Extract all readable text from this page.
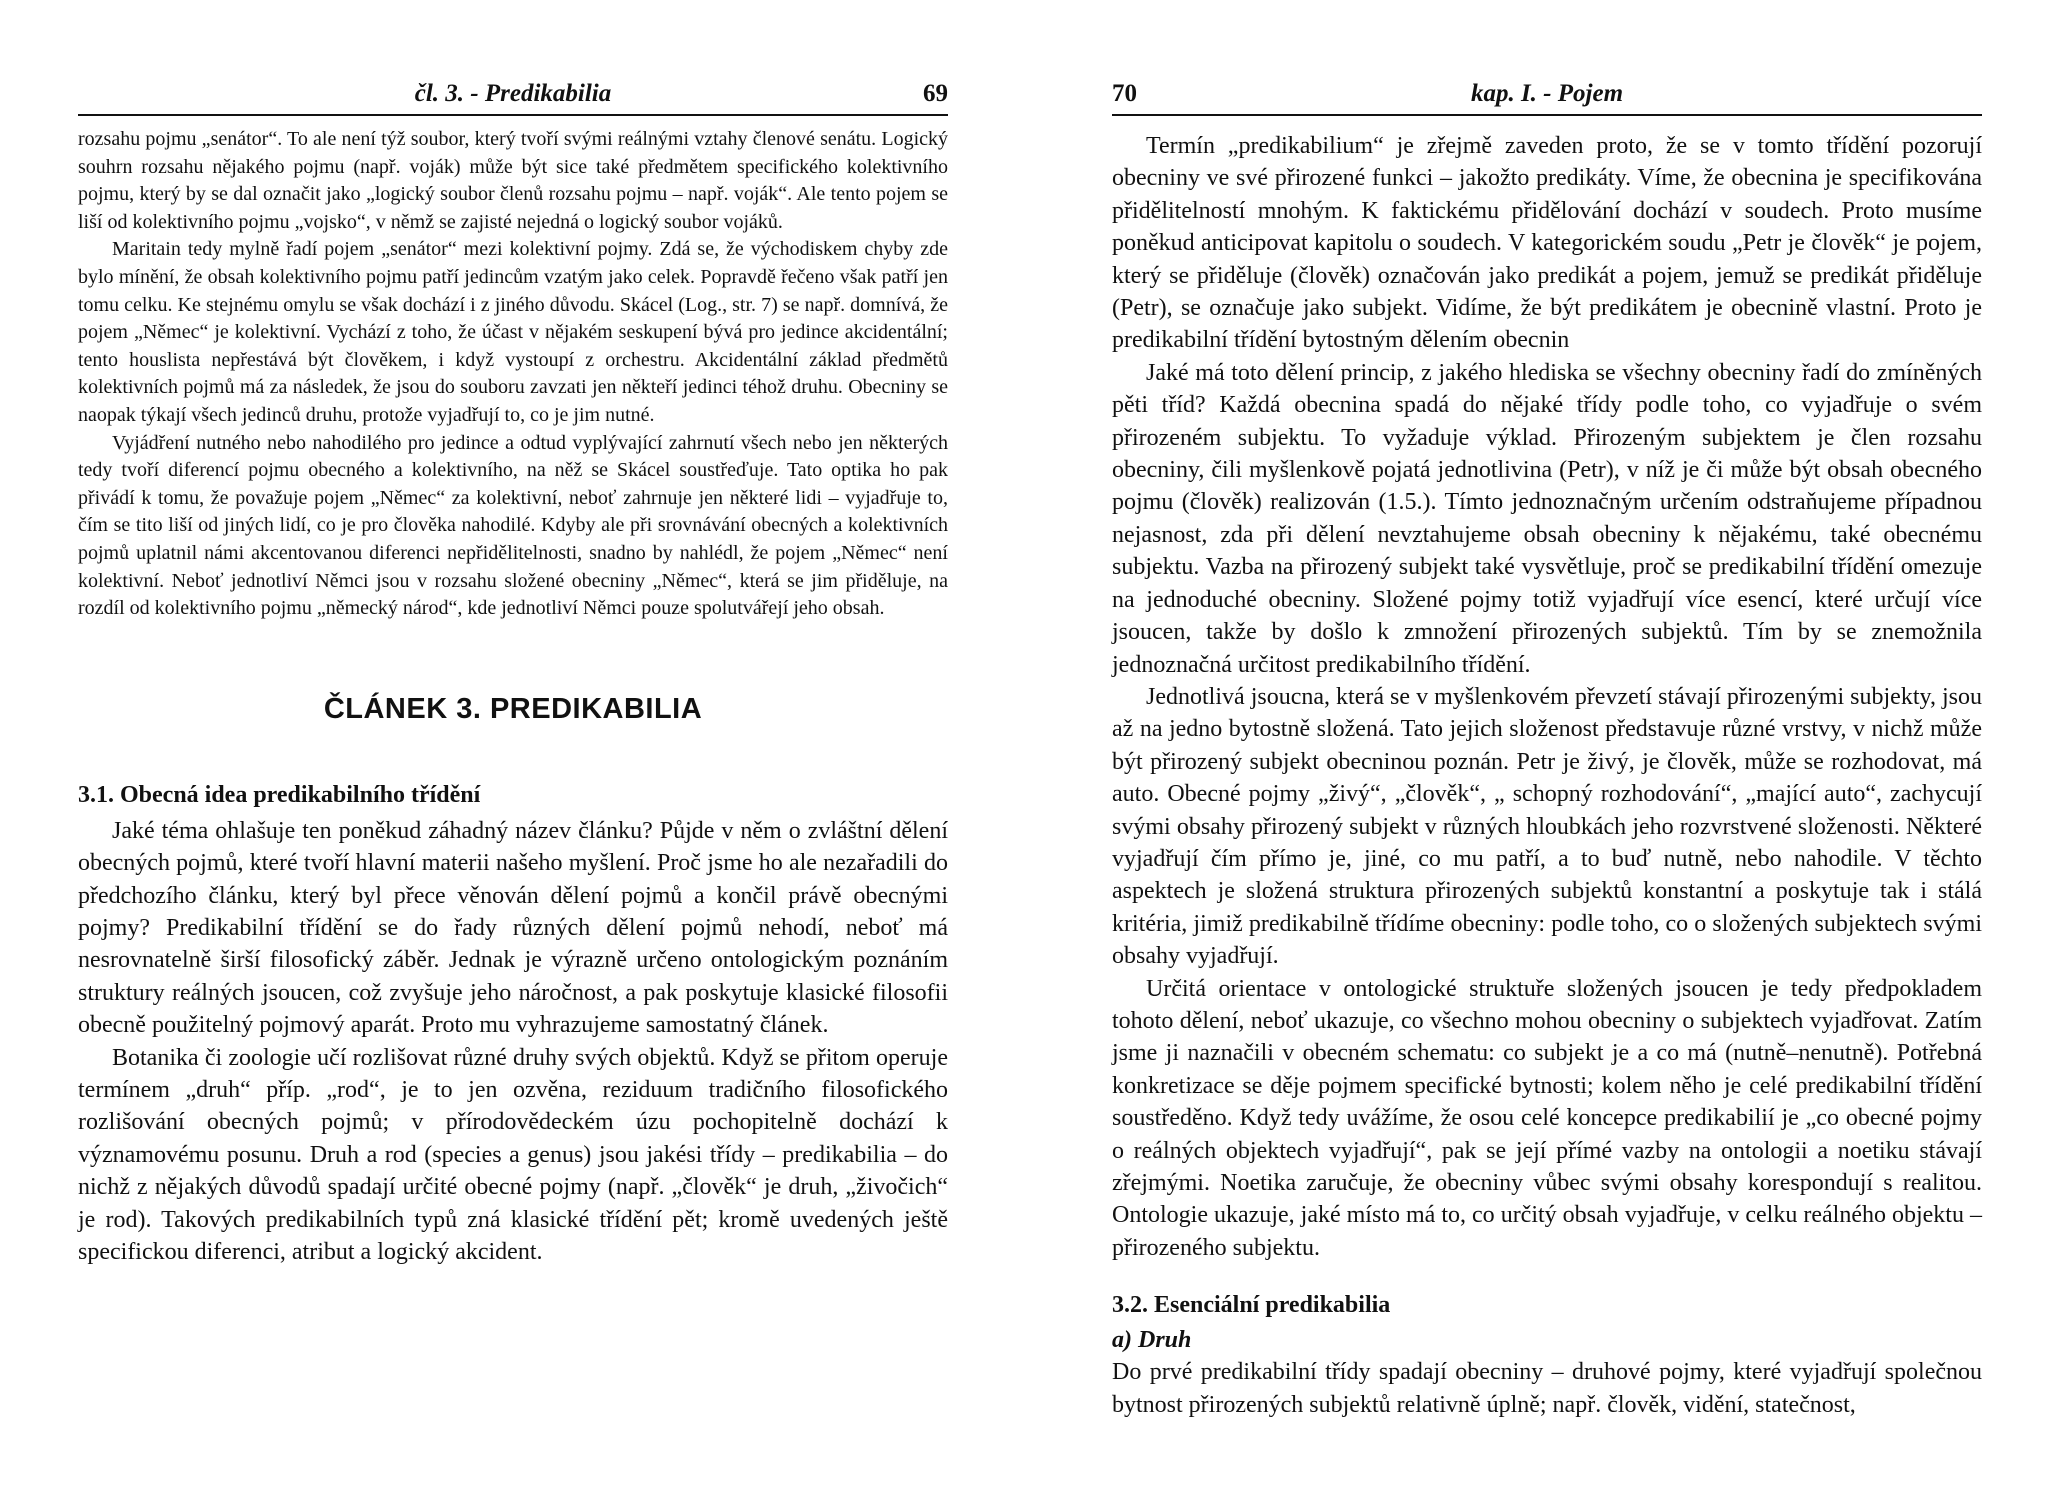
čl. 3. - Predikabilia	69

rozsahu pojmu „senátor“. To ale není týž soubor, který tvoří svými reálnými vztahy členové senátu. Logický souhrn rozsahu nějakého pojmu (např. voják) může být sice také předmětem specifického kolektivního pojmu, který by se dal označit jako „logický soubor členů rozsahu pojmu – např. voják“. Ale tento pojem se liší od kolektivního pojmu „vojsko“, v němž se zajisté nejedná o logický soubor vojáků.

Maritain tedy mylně řadí pojem „senátor“ mezi kolektivní pojmy. Zdá se, že východiskem chyby zde bylo mínění, že obsah kolektivního pojmu patří jedincům vzatým jako celek. Popravdě řečeno však patří jen tomu celku. Ke stejnému omylu se však dochází i z jiného důvodu. Skácel (Log., str. 7) se např. domnívá, že pojem „Němec“ je kolektivní. Vychází z toho, že účast v nějakém seskupení bývá pro jedince akcidentální; tento houslista nepřestává být člověkem, i když vystoupí z orchestru. Akcidentální základ předmětů kolektivních pojmů má za následek, že jsou do souboru zavzati jen někteří jedinci téhož druhu. Obecniny se naopak týkají všech jedinců druhu, protože vyjadřují to, co je jim nutné.

Vyjádření nutného nebo nahodilého pro jedince a odtud vyplývající zahrnutí všech nebo jen některých tedy tvoří diferencí pojmu obecného a kolektivního, na něž se Skácel soustřeďuje. Tato optika ho pak přivádí k tomu, že považuje pojem „Němec“ za kolektivní, neboť zahrnuje jen některé lidi – vyjadřuje to, čím se tito liší od jiných lidí, co je pro člověka nahodilé. Kdyby ale při srovnávání obecných a kolektivních pojmů uplatnil námi akcentovanou diferenci nepřidělitelnosti, snadno by nahlédl, že pojem „Němec“ není kolektivní. Neboť jednotliví Němci jsou v rozsahu složené obecniny „Němec“, která se jim přiděluje, na rozdíl od kolektivního pojmu „německý národ“, kde jednotliví Němci pouze spolutvářejí jeho obsah.

ČLÁNEK 3. PREDIKABILIA
3.1. Obecná idea predikabilního třídění

Jaké téma ohlašuje ten poněkud záhadný název článku? Půjde v něm o zvláštní dělení obecných pojmů, které tvoří hlavní materii našeho myšlení. Proč jsme ho ale nezařadili do předchozího článku, který byl přece věnován dělení pojmů a končil právě obecnými pojmy? Predikabilní třídění se do řady různých dělení pojmů nehodí, neboť má nesrovnatelně širší filosofický záběr. Jednak je výrazně určeno ontologickým poznáním struktury reálných jsoucen, což zvyšuje jeho náročnost, a pak poskytuje klasické filosofii obecně použitelný pojmový aparát. Proto mu vyhrazujeme samostatný článek.

Botanika či zoologie učí rozlišovat různé druhy svých objektů. Když se přitom operuje termínem „druh“ příp. „rod“, je to jen ozvěna, reziduum tradičního filosofického rozlišování obecných pojmů; v přírodovědeckém úzu pochopitelně dochází k významovému posunu. Druh a rod (species a genus) jsou jakési třídy – predikabilia – do nichž z nějakých důvodů spadají určité obecné pojmy (např. „člověk“ je druh, „živočich“ je rod). Takových predikabilních typů zná klasické třídění pět; kromě uvedených ještě specifickou diferenci, atribut a logický akcident.

70	kap. I. - Pojem

Termín „predikabilium“ je zřejmě zaveden proto, že se v tomto třídění pozorují obecniny ve své přirozené funkci – jakožto predikáty. Víme, že obecnina je specifikována přidělitelností mnohým. K faktickému přidělování dochází v soudech. Proto musíme poněkud anticipovat kapitolu o soudech. V kategorickém soudu „Petr je člověk“ je pojem, který se přiděluje (člověk) označován jako predikát a pojem, jemuž se predikát přiděluje (Petr), se označuje jako subjekt. Vidíme, že být predikátem je obecnině vlastní. Proto je predikabilní třídění bytostným dělením obecnin

Jaké má toto dělení princip, z jakého hlediska se všechny obecniny řadí do zmíněných pěti tříd? Každá obecnina spadá do nějaké třídy podle toho, co vyjadřuje o svém přirozeném subjektu. To vyžaduje výklad. Přirozeným subjektem je člen rozsahu obecniny, čili myšlenkově pojatá jednotlivina (Petr), v níž je či může být obsah obecného pojmu (člověk) realizován (1.5.). Tímto jednoznačným určením odstraňujeme případnou nejasnost, zda při dělení nevztahujeme obsah obecniny k nějakému, také obecnému subjektu. Vazba na přirozený subjekt také vysvětluje, proč se predikabilní třídění omezuje na jednoduché obecniny. Složené pojmy totiž vyjadřují více esencí, které určují více jsoucen, takže by došlo k zmnožení přirozených subjektů. Tím by se znemožnila jednoznačná určitost predikabilního třídění.

Jednotlivá jsoucna, která se v myšlenkovém převzetí stávají přirozenými subjekty, jsou až na jedno bytostně složená. Tato jejich složenost představuje různé vrstvy, v nichž může být přirozený subjekt obecninou poznán. Petr je živý, je člověk, může se rozhodovat, má auto. Obecné pojmy „živý“, „člověk“, „ schopný rozhodování“, „mající auto“, zachycují svými obsahy přirozený subjekt v různých hloubkách jeho rozvrstvené složenosti. Některé vyjadřují čím přímo je, jiné, co mu patří, a to buď nutně, nebo nahodile. V těchto aspektech je složená struktura přirozených subjektů konstantní a poskytuje tak i stálá kritéria, jimiž predikabilně třídíme obecniny: podle toho, co o složených subjektech svými obsahy vyjadřují.

Určitá orientace v ontologické struktuře složených jsoucen je tedy předpokladem tohoto dělení, neboť ukazuje, co všechno mohou obecniny o subjektech vyjadřovat. Zatím jsme ji naznačili v obecném schematu: co subjekt je a co má (nutně–nenutně). Potřebná konkretizace se děje pojmem specifické bytnosti; kolem něho je celé predikabilní třídění soustředěno. Když tedy uvážíme, že osou celé koncepce predikabilií je „co obecné pojmy o reálných objektech vyjadřují“, pak se její přímé vazby na ontologii a noetiku stávají zřejmými. Noetika zaručuje, že obecniny vůbec svými obsahy korespondují s realitou. Ontologie ukazuje, jaké místo má to, co určitý obsah vyjadřuje, v celku reálného objektu – přirozeného subjektu.

3.2. Esenciální predikabilia
a) Druh

Do prvé predikabilní třídy spadají obecniny – druhové pojmy, které vyjadřují společnou bytnost přirozených subjektů relativně úplně; např. člověk, vidění, statečnost,
